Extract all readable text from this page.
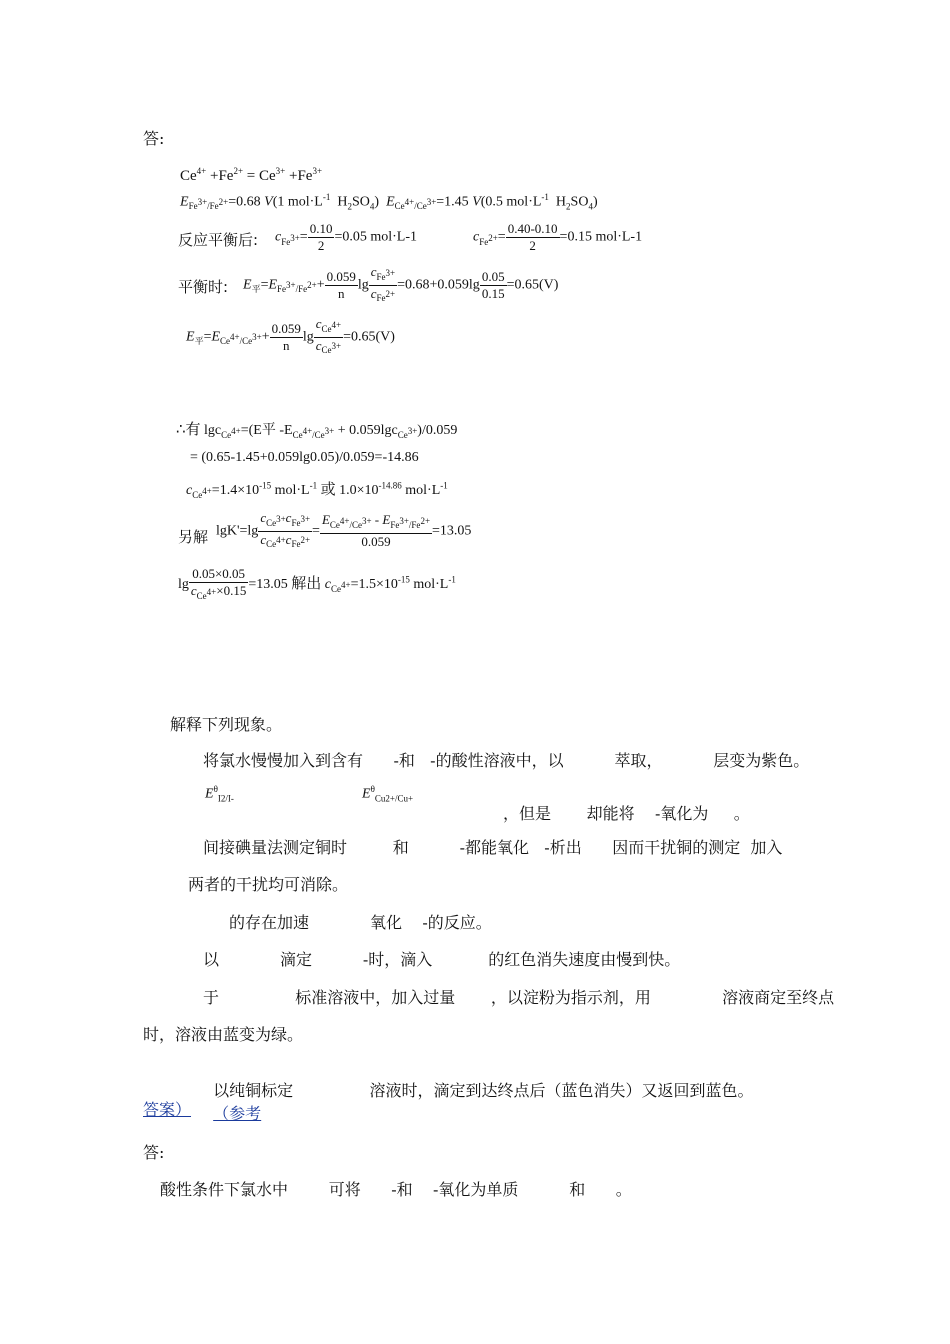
答:
$Ce^{4+} +Fe^{2+} = Ce^{3+} +Fe^{3+}$
$E_{Fe^{3+}/Fe^{2+}}=0.68$ V(1 $mol\cdot L^{-1}$  $H_2SO_4$)  $E_{Ce^{4+}/Ce^{3+}}=1.45$ V(0.5 $mol\cdot L^{-1}$  $H_2SO_4$)
反应平衡后: $c_{Fe^{3+}}= \frac{0.10}{2} =0.05$ mol·L-1	$c_{Fe^{2+}}= \frac{0.40-0.10}{2} =0.15$ mol·L-1
平衡时: $E_平=E_{Fe^{3+}/Fe^{2+}}+ \frac{0.059}{n}$ $\lg \frac{c_{Fe^{3+}}}{c_{Fe^{2+}}} =0.68+0.059\lg \frac{0.05}{0.15} =0.65(V)$
$E_平=E_{Ce^{4+}/Ce^{3+}}+ \frac{0.059}{n}$ $\lg \frac{c_{Ce^{4+}}}{c_{Ce^{3+}}} =0.65(V)$
∴有 lgc$_{Ce^{4+}}$=(E平 $-E_{Ce^{4+}/Ce^{3+}} + 0.059\lg c_{Ce^{3+}})/0.059$
= (0.65-1.45+0.059lg0.05)/0.059=-14.86
$c_{Ce^{4+}}=1.4\times 10^{-15}$ $mol\cdot L^{-1}$ 或 $1.0\times 10^{-14.86}$ $mol\cdot L^{-1}$
另解 $\lg K'=\lg \frac{c_{Ce^{3+}}c_{Fe^{3+}}}{c_{Ce^{4+}}c_{Fe^{2+}}} = \frac{E_{Ce^{4+}/Ce^{3+}} - E_{Fe^{3+}/Fe^{2+}}}{0.059} =13.05$
$\lg \frac{0.05\times 0.05}{c_{Ce^{4+}}\times 0.15} =13.05$ 解出 $c_{Ce^{4+}}=1.5\times 10^{-15}$ $mol\cdot L^{-1}$
解释下列现象。
将氯水慢慢加入到含有      -和   -的酸性溶液中，以          萃取，          层变为紫色。
$E^\theta_{I2/I-}$	$E^\theta_{Cu2+/Cu+}$
，但是       却能将    -氧化为     。
间接碘量法测定铜时         和          -都能氧化   -析出      因而干扰铜的测定  加入
两者的干扰均可消除。
的存在加速            氧化    -的反应。
以            滴定          -时，滴入           的红色消失速度由慢到快。
于               标准溶液中，加入过量       ，以淀粉为指示剂，用              溶液商定至终点
时，溶液由蓝变为绿。

以纯铜标定               溶液时，滴定到达终点后（蓝色消失）又返回到蓝色。
（参考

答案）
答:
酸性条件下氯水中        可将      -和    -氧化为单质          和      。
